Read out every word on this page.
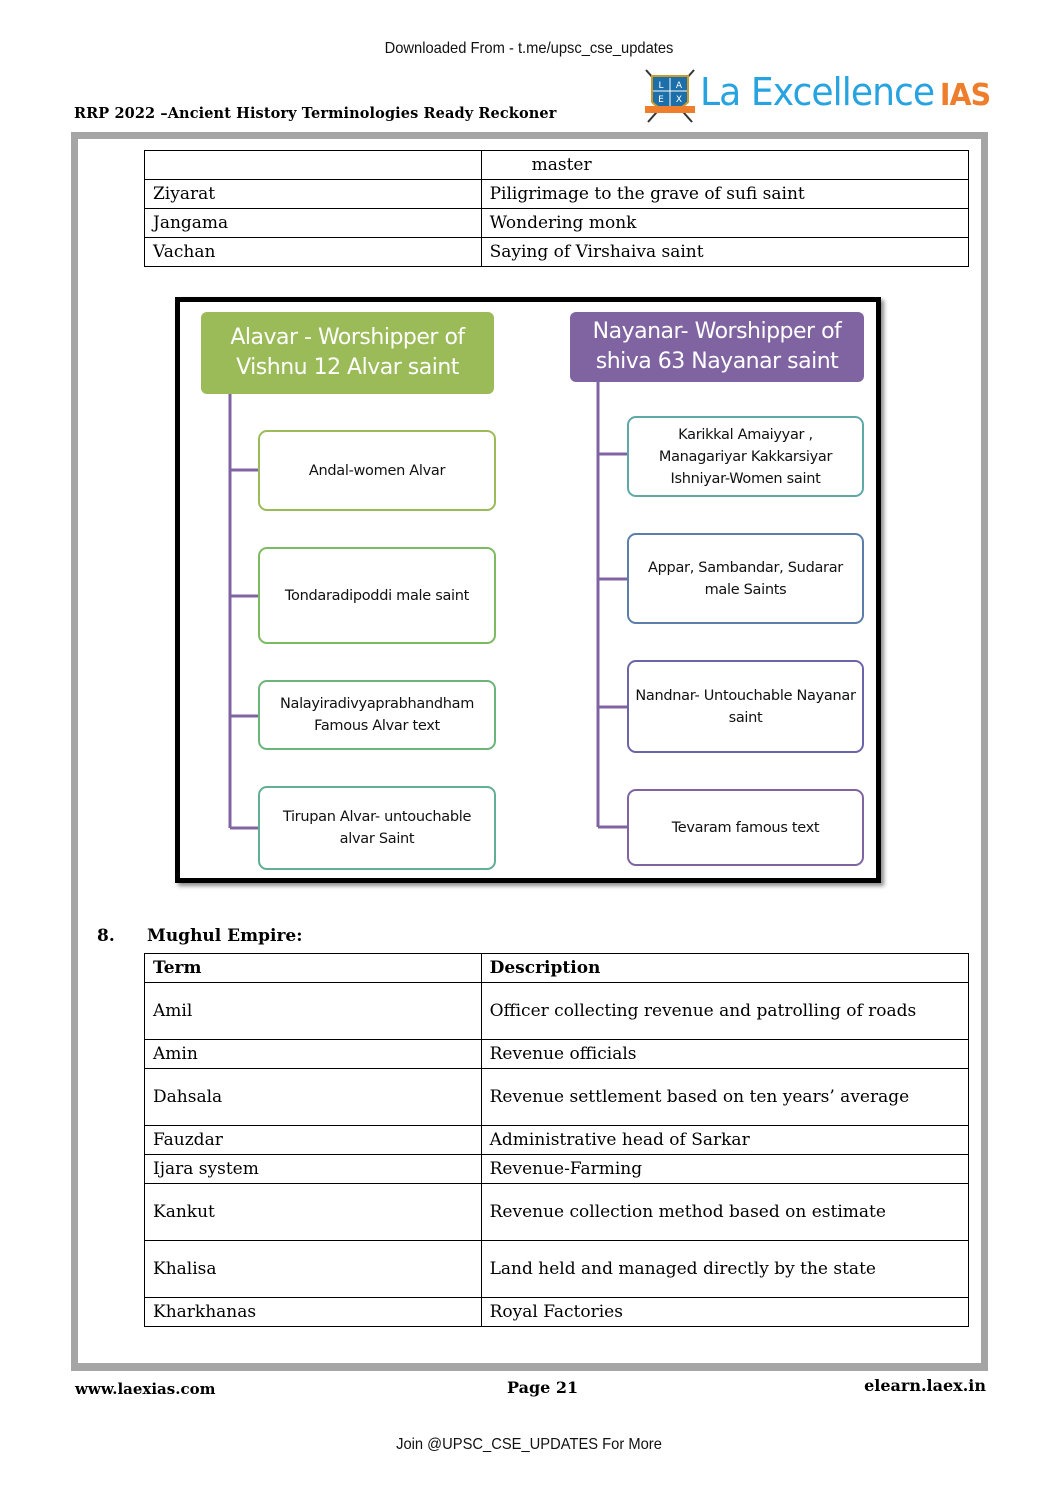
Downloaded From - t.me/upsc_cse_updates
RRP 2022 –Ancient History Terminologies Ready Reckoner
L A
E X La Excellence IAS
	master
Ziyarat	Piligrimage to the grave of sufi saint
Jangama	Wondering monk
Vachan	Saying of Virshaiva saint
Alavar - Worshipper of Vishnu 12 Alvar saint
Andal-women Alvar
Tondaradipoddi male saint
Nalayiradivyaprabhandham Famous Alvar text
Tirupan Alvar- untouchable alvar Saint
Nayanar- Worshipper of shiva 63 Nayanar saint
Karikkal Amaiyyar , Managariyar Kakkarsiyar Ishniyar-Women saint
Appar, Sambandar, Sudarar male Saints
Nandnar- Untouchable Nayanar saint
Tevaram famous text
8. Mughul Empire:
Term	Description
Amil	Officer collecting revenue and patrolling of roads
Amin	Revenue officials
Dahsala	Revenue settlement based on ten years’ average
Fauzdar	Administrative head of Sarkar
Ijara system	Revenue-Farming
Kankut	Revenue collection method based on estimate
Khalisa	Land held and managed directly by the state
Kharkhanas	Royal Factories
www.laexias.com	Page 21	elearn.laex.in
Join @UPSC_CSE_UPDATES For More
